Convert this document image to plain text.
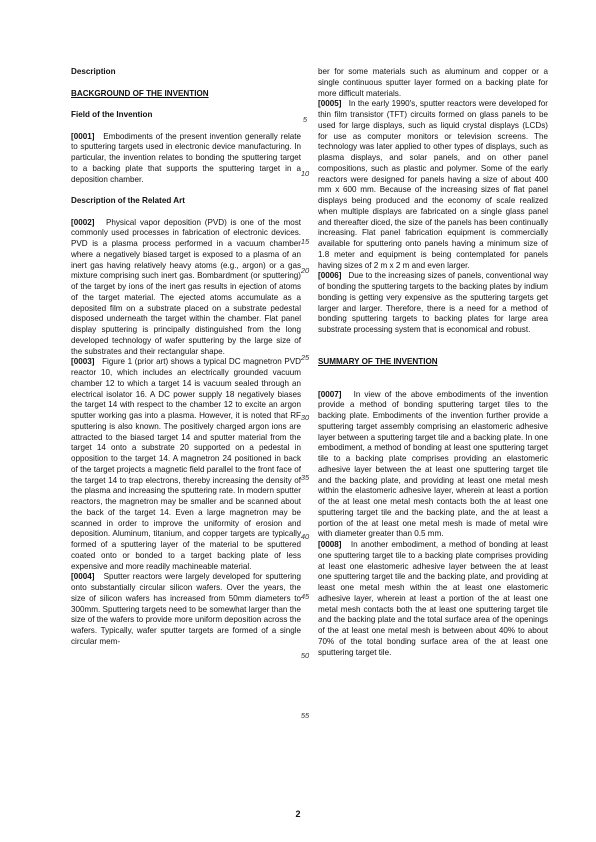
Description

BACKGROUND OF THE INVENTION

Field of the Invention

[0001] Embodiments of the present invention generally relate to sputtering targets used in electronic device manufacturing. In particular, the invention relates to bonding the sputtering target to a backing plate that supports the sputtering target in a deposition chamber.

Description of the Related Art

[0002] Physical vapor deposition (PVD) is one of the most commonly used processes in fabrication of electronic devices. PVD is a plasma process performed in a vacuum chamber where a negatively biased target is exposed to a plasma of an inert gas having relatively heavy atoms (e.g., argon) or a gas mixture comprising such inert gas. Bombardment (or sputtering) of the target by ions of the inert gas results in ejection of atoms of the target material. The ejected atoms accumulate as a deposited film on a substrate placed on a substrate pedestal disposed underneath the target within the chamber. Flat panel display sputtering is principally distinguished from the long developed technology of wafer sputtering by the large size of the substrates and their rectangular shape.

[0003] Figure 1 (prior art) shows a typical DC magnetron PVD reactor 10, which includes an electrically grounded vacuum chamber 12 to which a target 14 is vacuum sealed through an electrical isolator 16. A DC power supply 18 negatively biases the target 14 with respect to the chamber 12 to excite an argon sputter working gas into a plasma. However, it is noted that RF sputtering is also known. The positively charged argon ions are attracted to the biased target 14 and sputter material from the target 14 onto a substrate 20 supported on a pedestal in opposition to the target 14. A magnetron 24 positioned in back of the target projects a magnetic field parallel to the front face of the target 14 to trap electrons, thereby increasing the density of the plasma and increasing the sputtering rate. In modern sputter reactors, the magnetron may be smaller and be scanned about the back of the target 14. Even a large magnetron may be scanned in order to improve the uniformity of erosion and deposition. Aluminum, titanium, and copper targets are typically formed of a sputtering layer of the material to be sputtered coated onto or bonded to a target backing plate of less expensive and more readily machineable material.

[0004] Sputter reactors were largely developed for sputtering onto substantially circular silicon wafers. Over the years, the size of silicon wafers has increased from 50mm diameters to 300mm. Sputtering targets need to be somewhat larger than the size of the wafers to provide more uniform deposition across the wafers. Typically, wafer sputter targets are formed of a single circular mem-

5
10
15
20
25
30
35
40
45
50
55

ber for some materials such as aluminum and copper or a single continuous sputter layer formed on a backing plate for more difficult materials.

[0005] In the early 1990's, sputter reactors were developed for thin film transistor (TFT) circuits formed on glass panels to be used for large displays, such as liquid crystal displays (LCDs) for use as computer monitors or television screens. The technology was later applied to other types of displays, such as plasma displays, and solar panels, and on other panel compositions, such as plastic and polymer. Some of the early reactors were designed for panels having a size of about 400 mm x 600 mm. Because of the increasing sizes of flat panel displays being produced and the economy of scale realized when multiple displays are fabricated on a single glass panel and thereafter diced, the size of the panels has been continually increasing. Flat panel fabrication equipment is commercially available for sputtering onto panels having a minimum size of 1.8 meter and equipment is being contemplated for panels having sizes of 2 m x 2 m and even larger.

[0006] Due to the increasing sizes of panels, conventional way of bonding the sputtering targets to the backing plates by indium bonding is getting very expensive as the sputtering targets get larger and larger. Therefore, there is a need for a method of bonding sputtering targets to backing plates for large area substrate processing system that is economical and robust.

SUMMARY OF THE INVENTION

[0007] In view of the above embodiments of the invention provide a method of bonding sputtering target tiles to the backing plate. Embodiments of the invention further provide a sputtering target assembly comprising an elastomeric adhesive layer between a sputtering target tile and a backing plate. In one embodiment, a method of bonding at least one sputtering target tile to a backing plate comprises providing an elastomeric adhesive layer between the at least one sputtering target tile and the backing plate, and providing at least one metal mesh within the elastomeric adhesive layer, wherein at least a portion of the at least one metal mesh contacts both the at least one sputtering target tile and the backing plate, and the at least a portion of the at least one metal mesh is made of metal wire with diameter greater than 0.5 mm.

[0008] In another embodiment, a method of bonding at least one sputtering target tile to a backing plate comprises providing at least one elastomeric adhesive layer between the at least one sputtering target tile and the backing plate, and providing at least one metal mesh within the at least one elastomeric adhesive layer, wherein at least a portion of the at least one metal mesh contacts both the at least one sputtering target tile and the backing plate and the total surface area of the openings of the at least one metal mesh is between about 40% to about 70% of the total bonding surface area of the at least one sputtering target tile.

2
